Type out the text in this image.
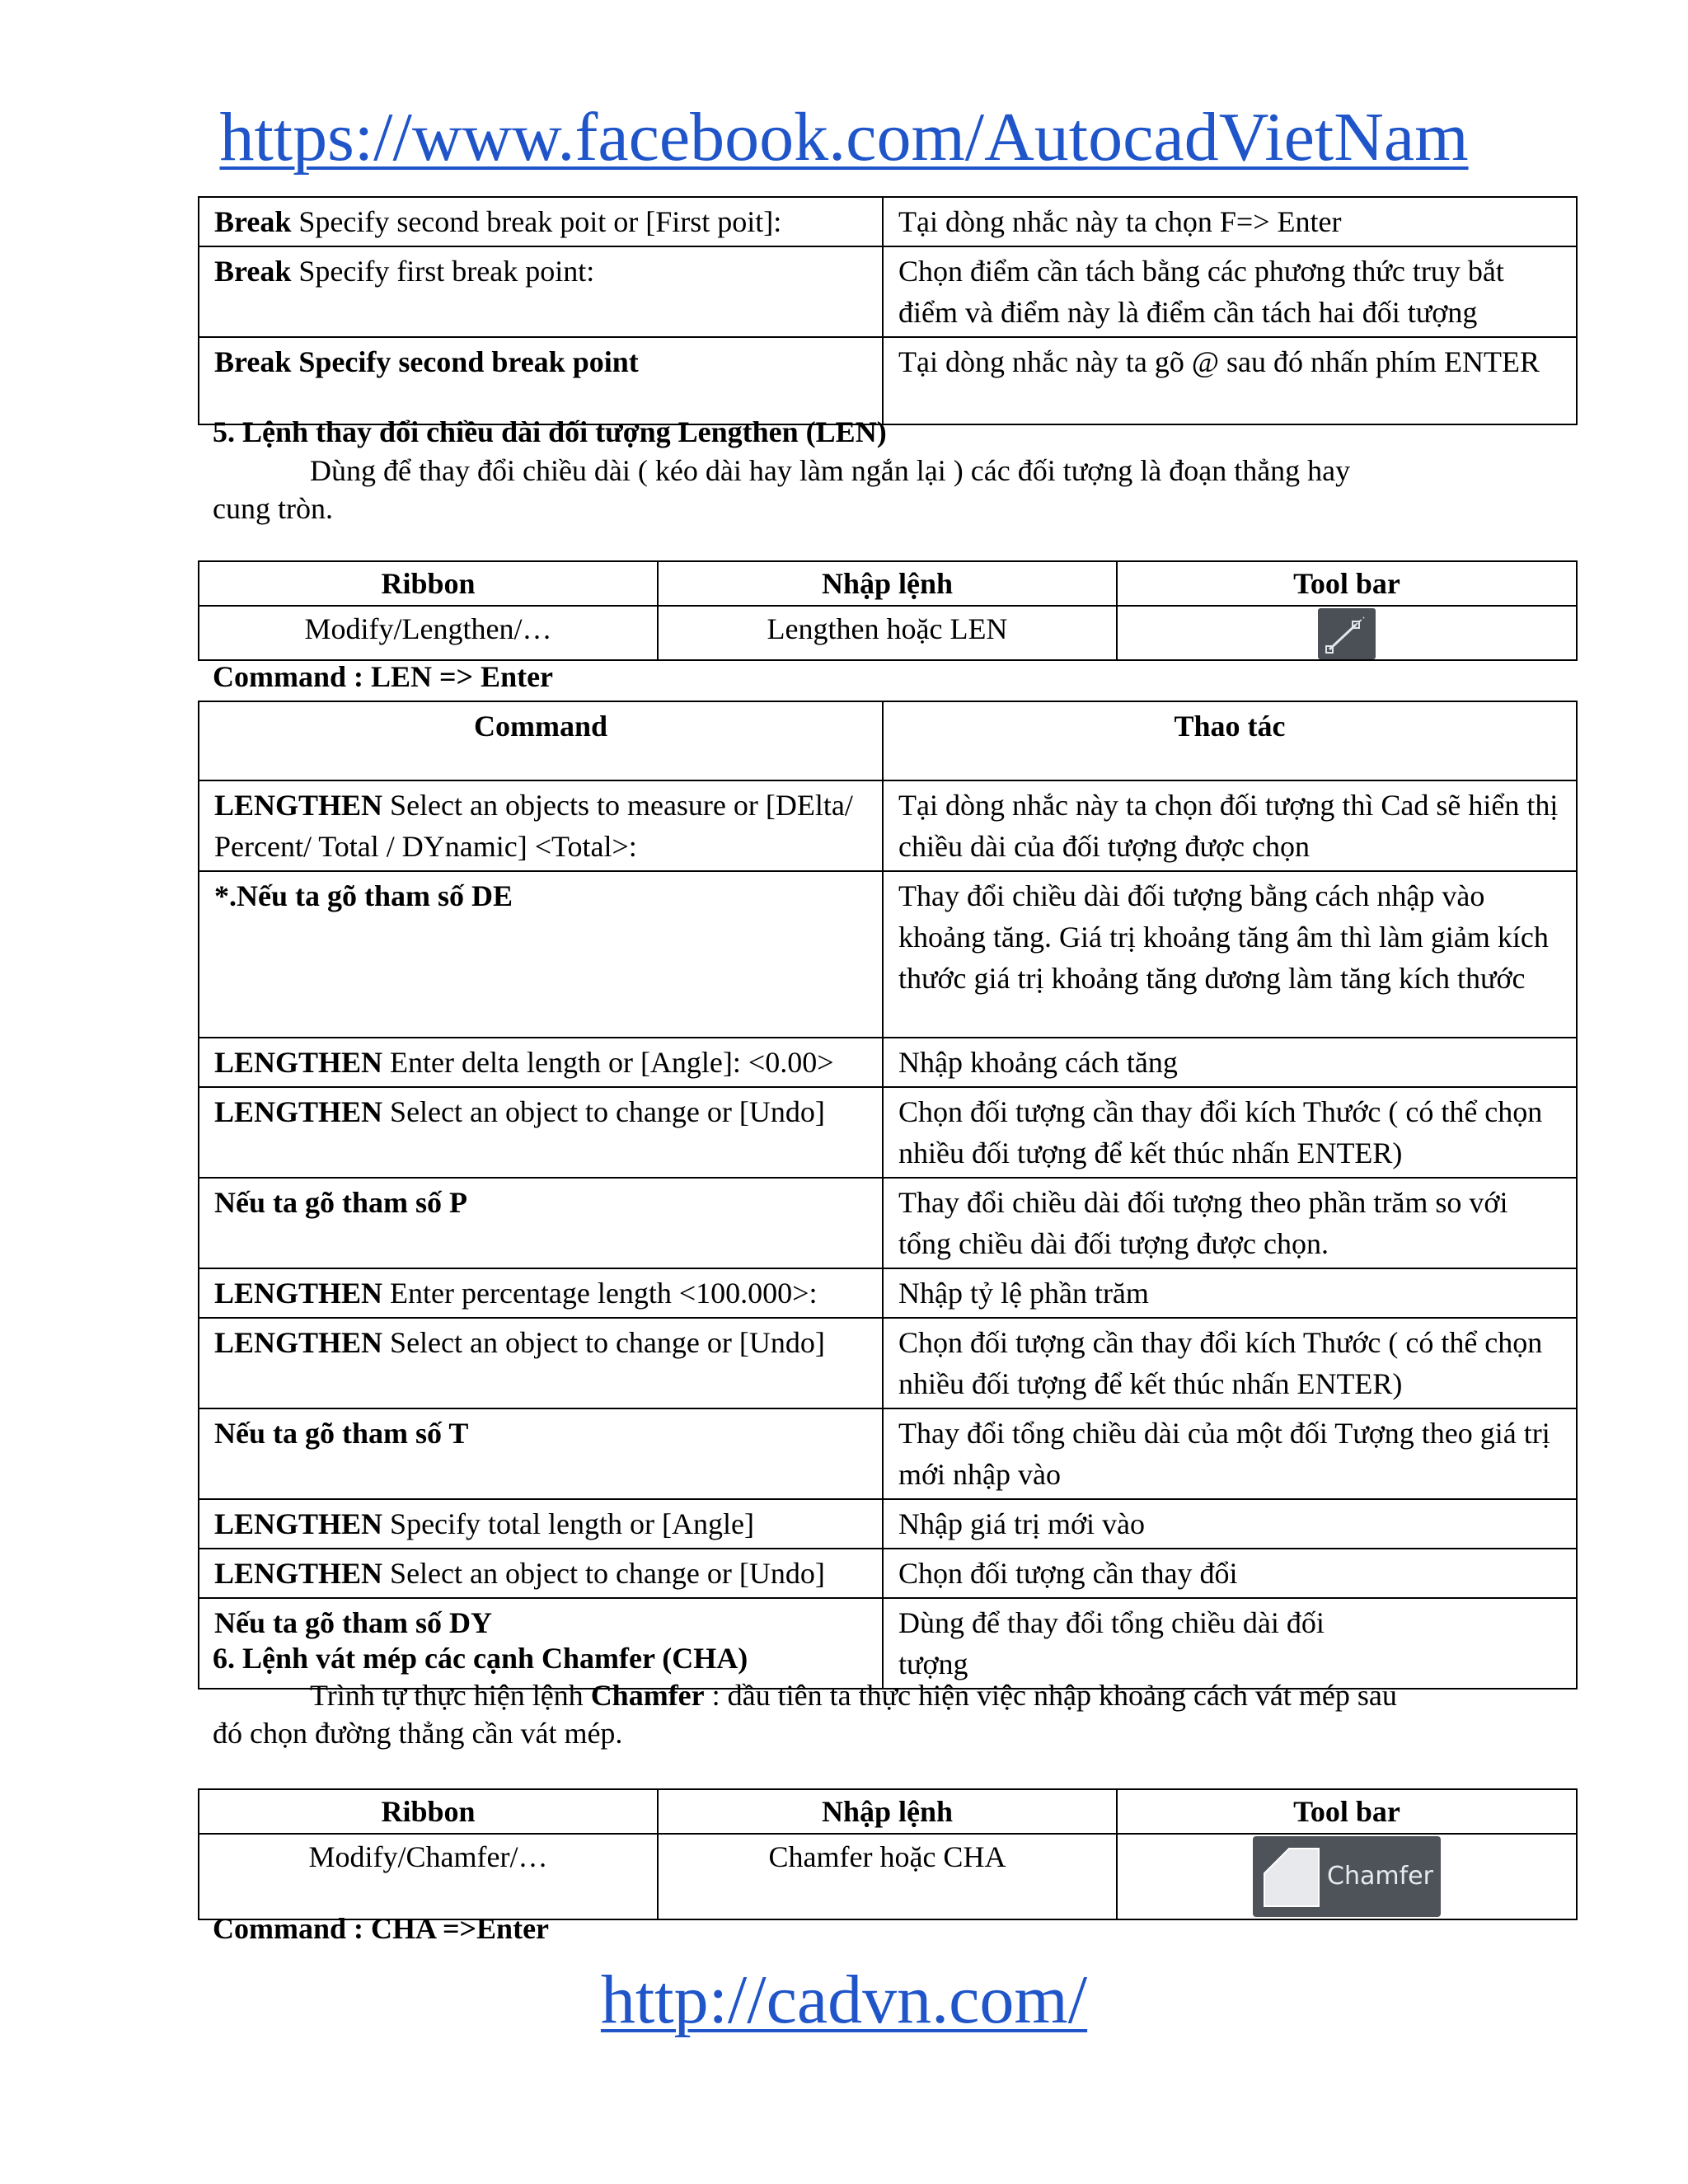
https://www.facebook.com/AutocadVietNam
Break Specify second break poit or [First poit]:	Tại dòng nhắc này ta chọn F=> Enter
Break Specify first break point:	Chọn điểm cần tách bằng các phương thức truy bắt điểm và điểm này là điểm cần tách hai đối tượng
Break Specify second break point	Tại dòng nhắc này ta gõ @ sau đó nhấn phím ENTER
5. Lệnh thay đổi chiều dài đối tượng Lengthen (LEN)
Dùng để thay đổi chiều dài ( kéo dài hay làm ngắn lại ) các đối tượng là đoạn thẳng hay
cung tròn.
Ribbon	Nhập lệnh	Tool bar
Modify/Lengthen/…	Lengthen hoặc LEN	
Command : LEN => Enter
Command	Thao tác
LENGTHEN Select an objects to measure or [DElta/ Percent/ Total / DYnamic] <Total>:	Tại dòng nhắc này ta chọn đối tượng thì Cad sẽ hiển thị chiều dài của đối tượng được chọn
*.Nếu ta gõ tham số DE	Thay đổi chiều dài đối tượng bằng cách nhập vào khoảng tăng. Giá trị khoảng tăng âm thì làm giảm kích thước giá trị khoảng tăng dương làm tăng kích thước
LENGTHEN Enter delta length or [Angle]: <0.00>	Nhập khoảng cách tăng
LENGTHEN Select an object to change or [Undo]	Chọn đối tượng cần thay đổi kích Thước ( có thể chọn nhiều đối tượng để kết thúc nhấn ENTER)
Nếu ta gõ tham số P	Thay đổi chiều dài đối tượng theo phần trăm so với tổng chiều dài đối tượng được chọn.
LENGTHEN Enter percentage length <100.000>:	Nhập tỷ lệ phần trăm
LENGTHEN Select an object to change or [Undo]	Chọn đối tượng cần thay đổi kích Thước ( có thể chọn nhiều đối tượng để kết thúc nhấn ENTER)
Nếu ta gõ tham số T	Thay đổi tổng chiều dài của một đối Tượng theo giá trị mới nhập vào
LENGTHEN Specify total length or [Angle]	Nhập giá trị mới vào
LENGTHEN Select an object to change or [Undo]	Chọn đối tượng cần thay đổi
Nếu ta gõ tham số DY	Dùng để thay đổi tổng chiều dài đối tượng
6. Lệnh vát mép các cạnh Chamfer (CHA)
Trình tự thực hiện lệnh Chamfer : đầu tiên ta thực hiện việc nhập khoảng cách vát mép sau
đó chọn đường thẳng cần vát mép.
Ribbon	Nhập lệnh	Tool bar
Modify/Chamfer/…	Chamfer hoặc CHA	Chamfer
Command : CHA =>Enter
http://cadvn.com/
